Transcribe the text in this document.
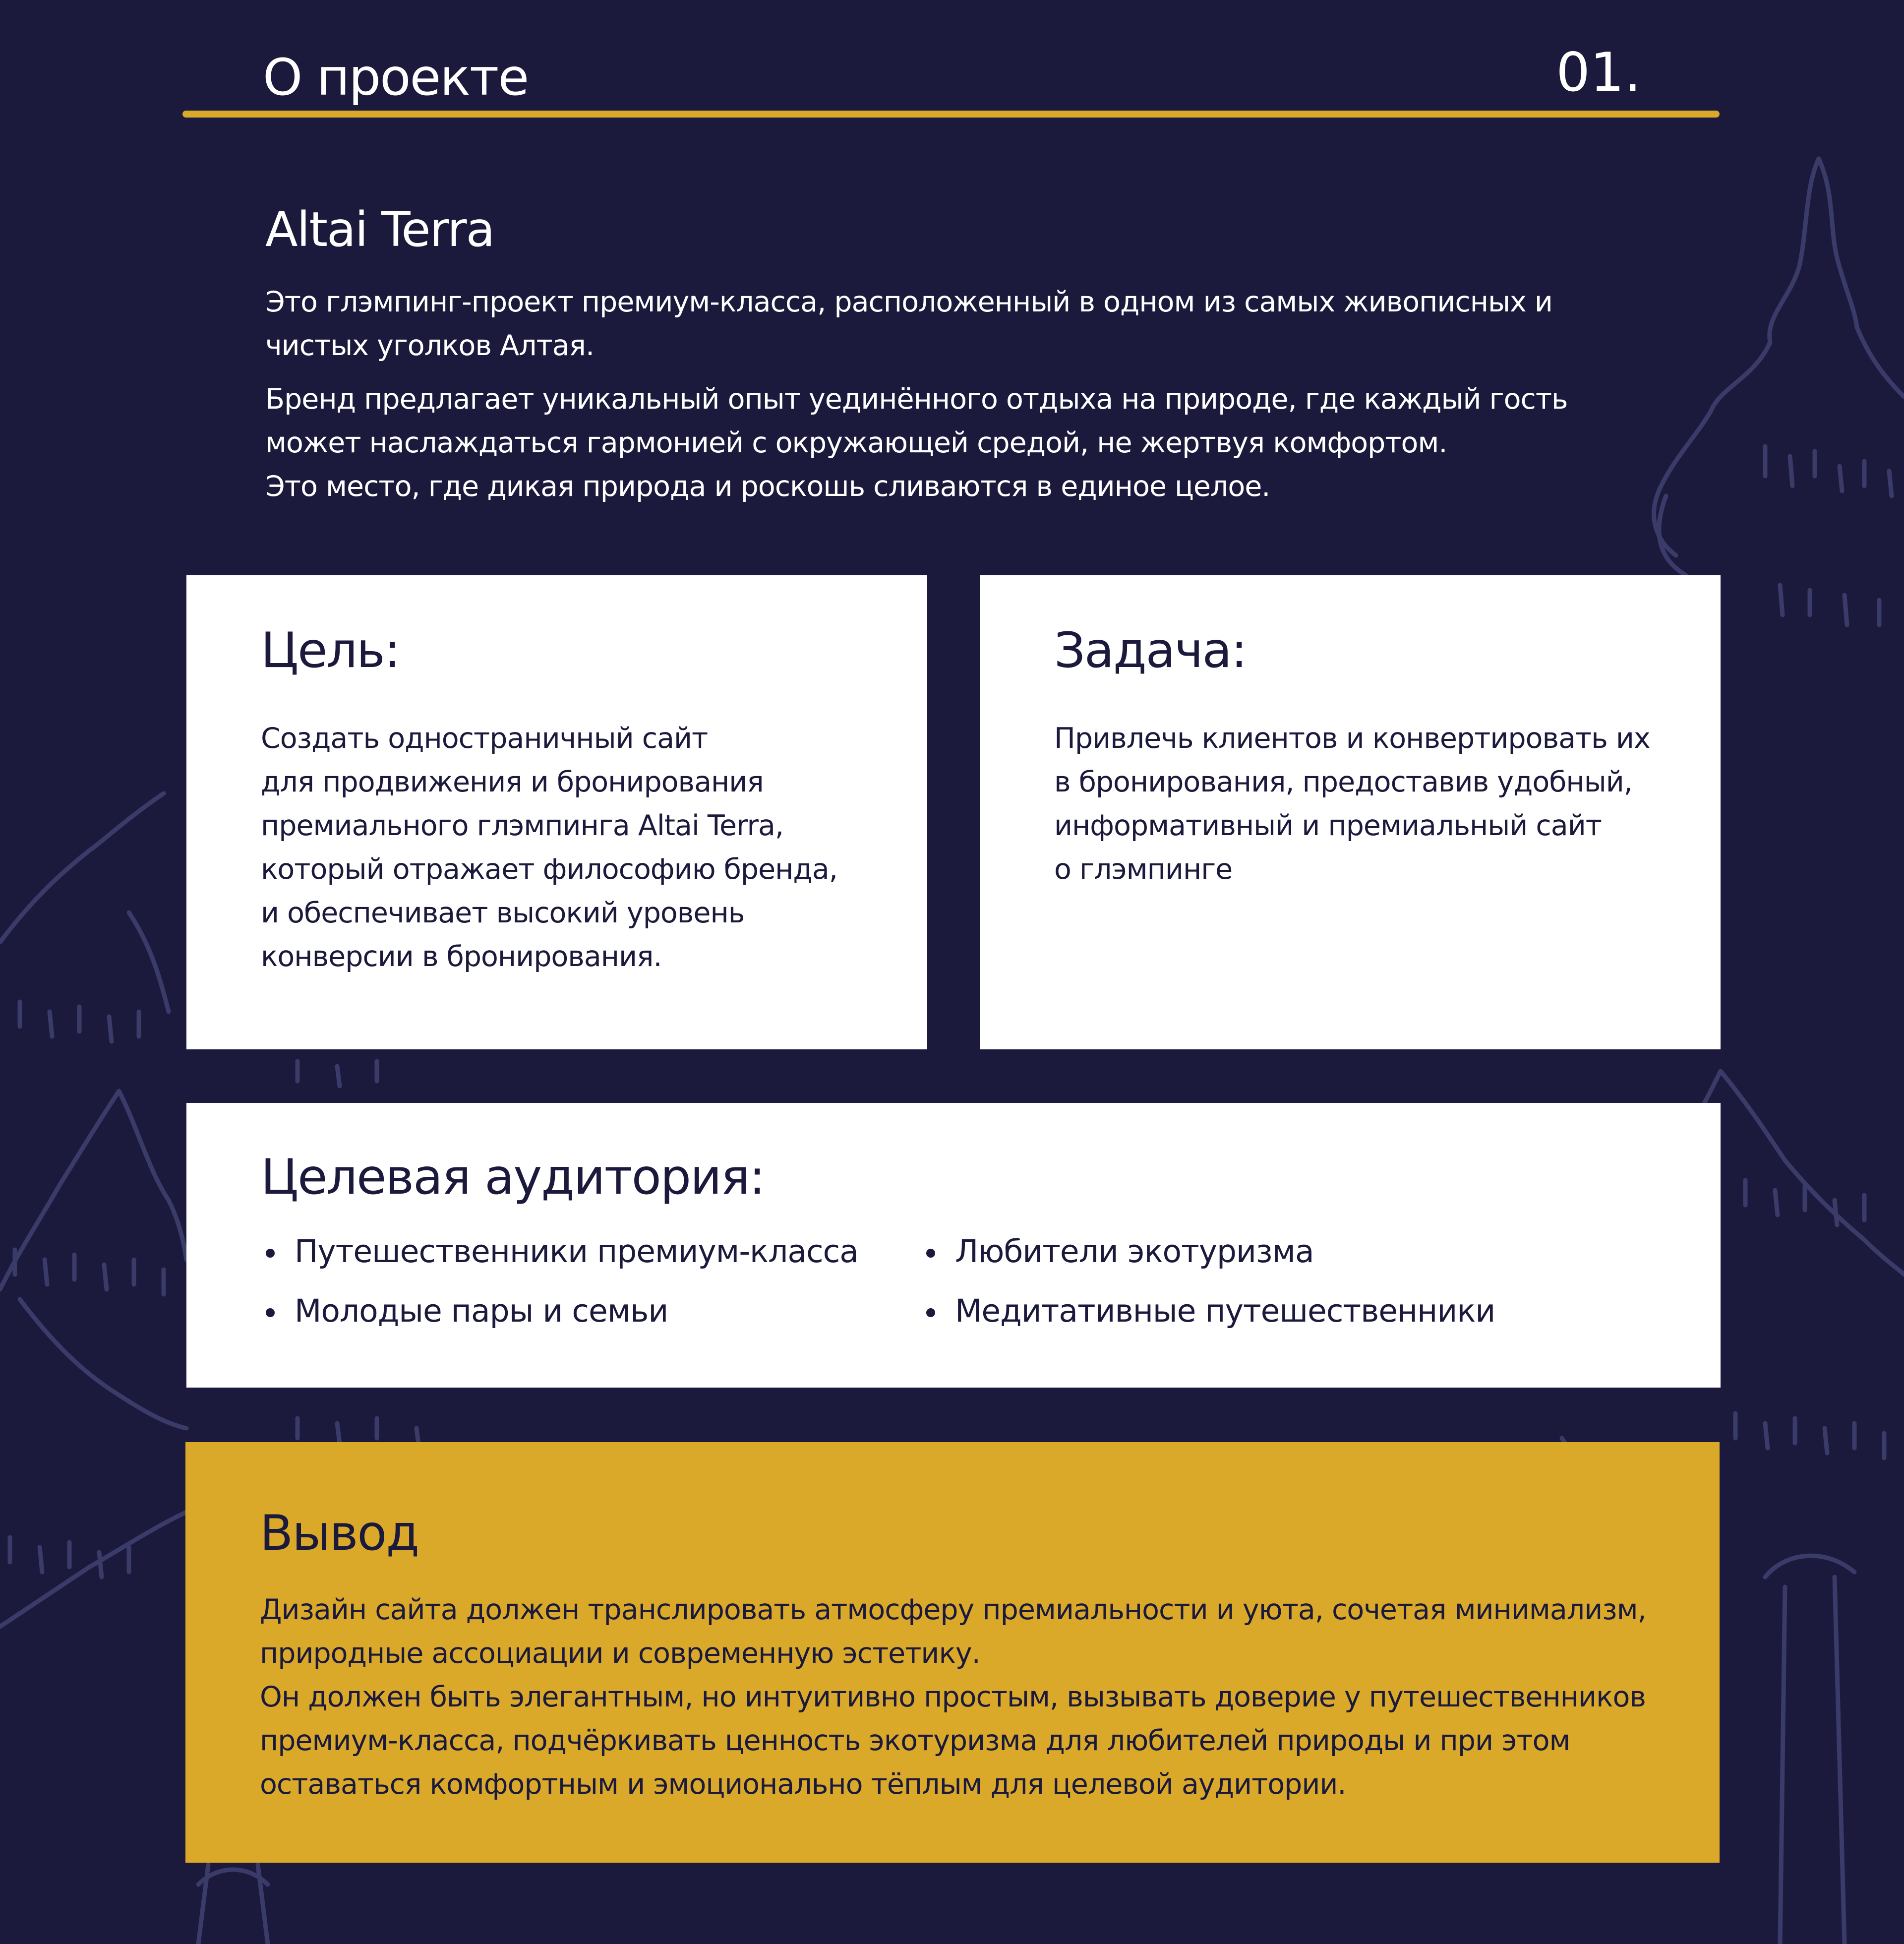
О проекте	01.
Altai Terra

Это глэмпинг-проект премиум-класса, расположенный в одном из самых живописных и чистых уголков Алтая.

Бренд предлагает уникальный опыт уединённого отдыха на природе, где каждый гость может наслаждаться гармонией с окружающей средой, не жертвуя комфортом.

Это место, где дикая природа и роскошь сливаются в единое целое.

Цель:
Создать одностраничный сайт
для продвижения и бронирования
премиального глэмпинга Altai Terra,
который отражает философию бренда,
и обеспечивает высокий уровень
конверсии в бронирования.
Задача:
Привлечь клиентов и конвертировать их
в бронирования, предоставив удобный,
информативный и премиальный сайт
о глэмпинге
Целевая аудитория:
Путешественники премиум-класса
Молодые пары и семьи
Любители экотуризма
Медитативные путешественники
Вывод
Дизайн сайта должен транслировать атмосферу премиальности и уюта, сочетая минимализм, природные ассоциации и современную эстетику.
Он должен быть элегантным, но интуитивно простым, вызывать доверие у путешественников премиум-класса, подчёркивать ценность экотуризма для любителей природы и при этом оставаться комфортным и эмоционально тёплым для целевой аудитории.
